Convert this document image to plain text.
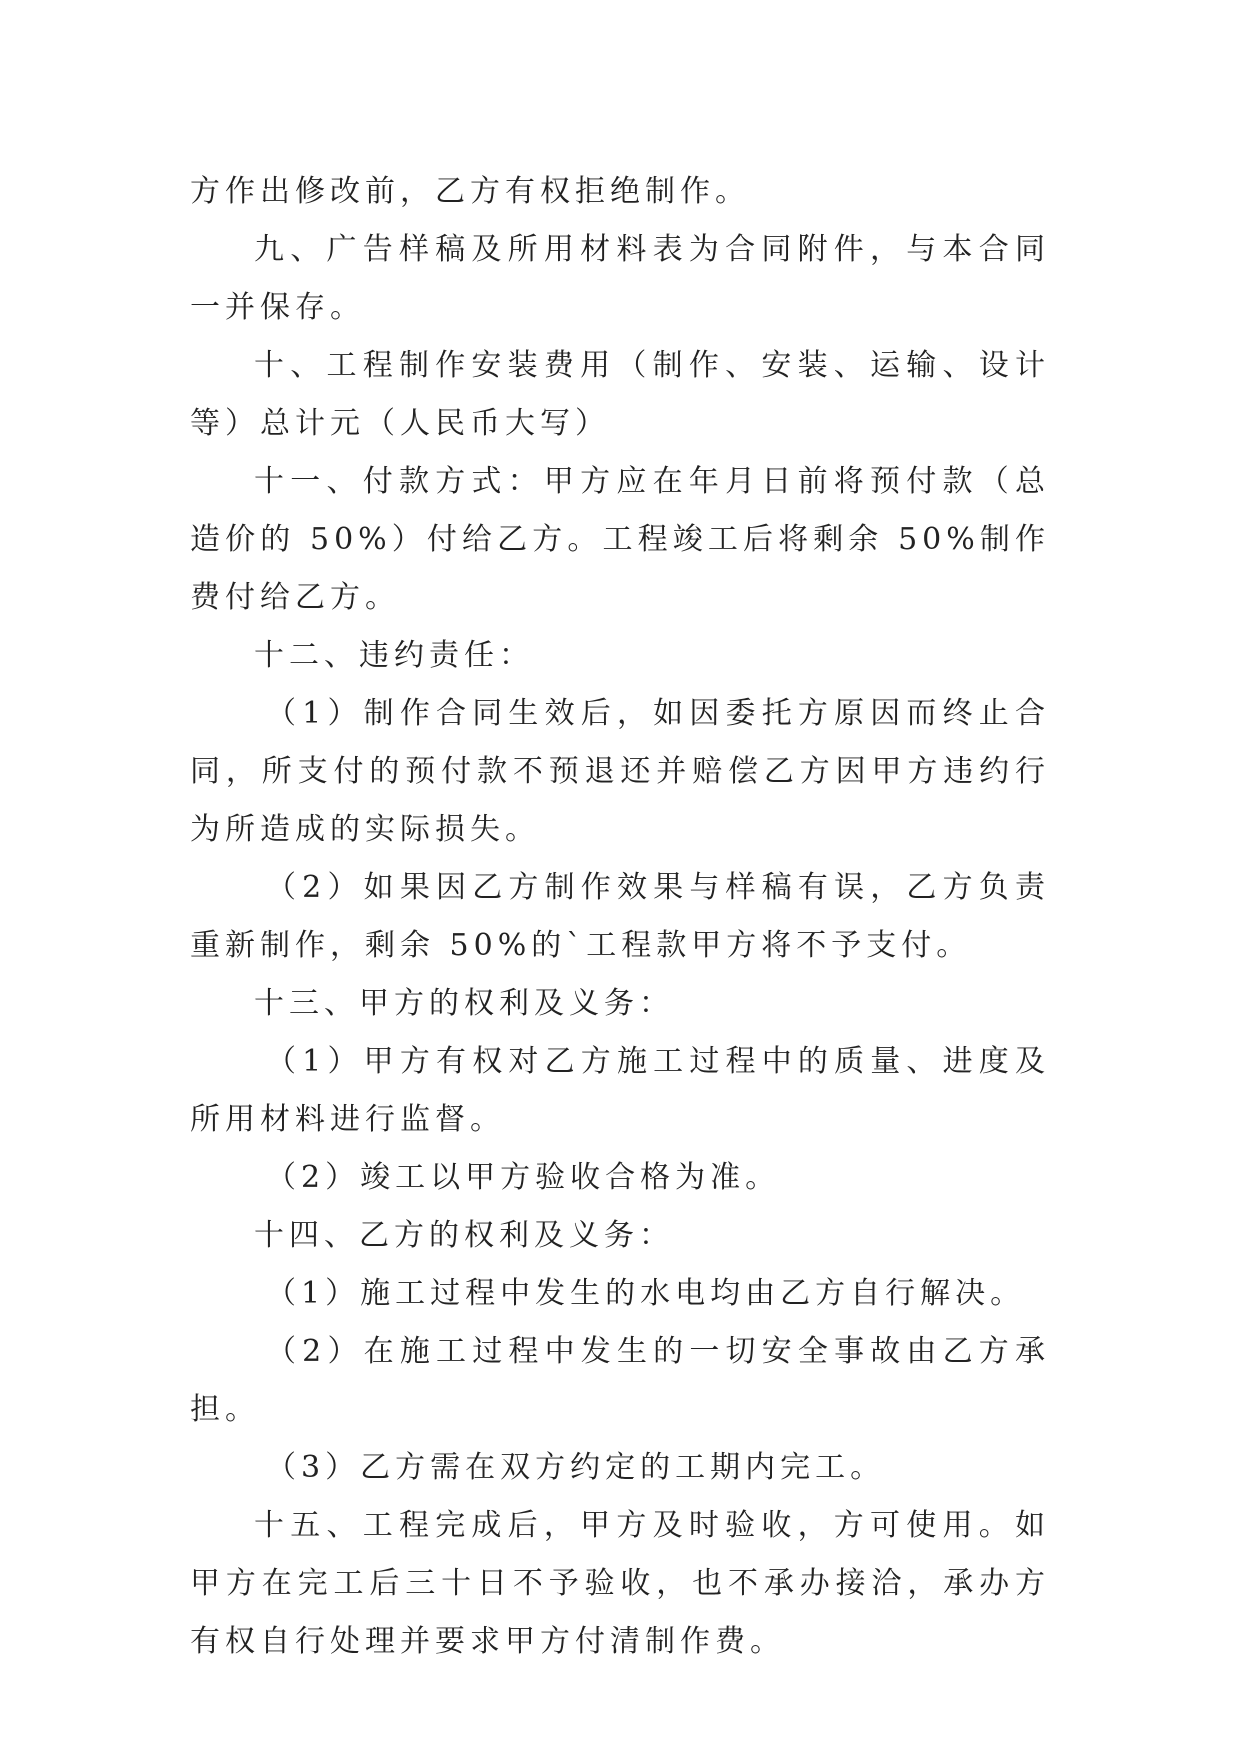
方作出修改前，乙方有权拒绝制作。

九、广告样稿及所用材料表为合同附件，与本合同一并保存。

十、工程制作安装费用（制作、安装、运输、设计等）总计元（人民币大写）

十一、付款方式：甲方应在年月日前将预付款（总造价的 50%）付给乙方。工程竣工后将剩余 50%制作费付给乙方。

十二、违约责任：

（1）制作合同生效后，如因委托方原因而终止合同，所支付的预付款不预退还并赔偿乙方因甲方违约行为所造成的实际损失。

（2）如果因乙方制作效果与样稿有误，乙方负责重新制作，剩余 50%的`工程款甲方将不予支付。

十三、甲方的权利及义务：

（1）甲方有权对乙方施工过程中的质量、进度及所用材料进行监督。

（2）竣工以甲方验收合格为准。

十四、乙方的权利及义务：

（1）施工过程中发生的水电均由乙方自行解决。

（2）在施工过程中发生的一切安全事故由乙方承担。

（3）乙方需在双方约定的工期内完工。

十五、工程完成后，甲方及时验收，方可使用。如甲方在完工后三十日不予验收，也不承办接洽，承办方有权自行处理并要求甲方付清制作费。
